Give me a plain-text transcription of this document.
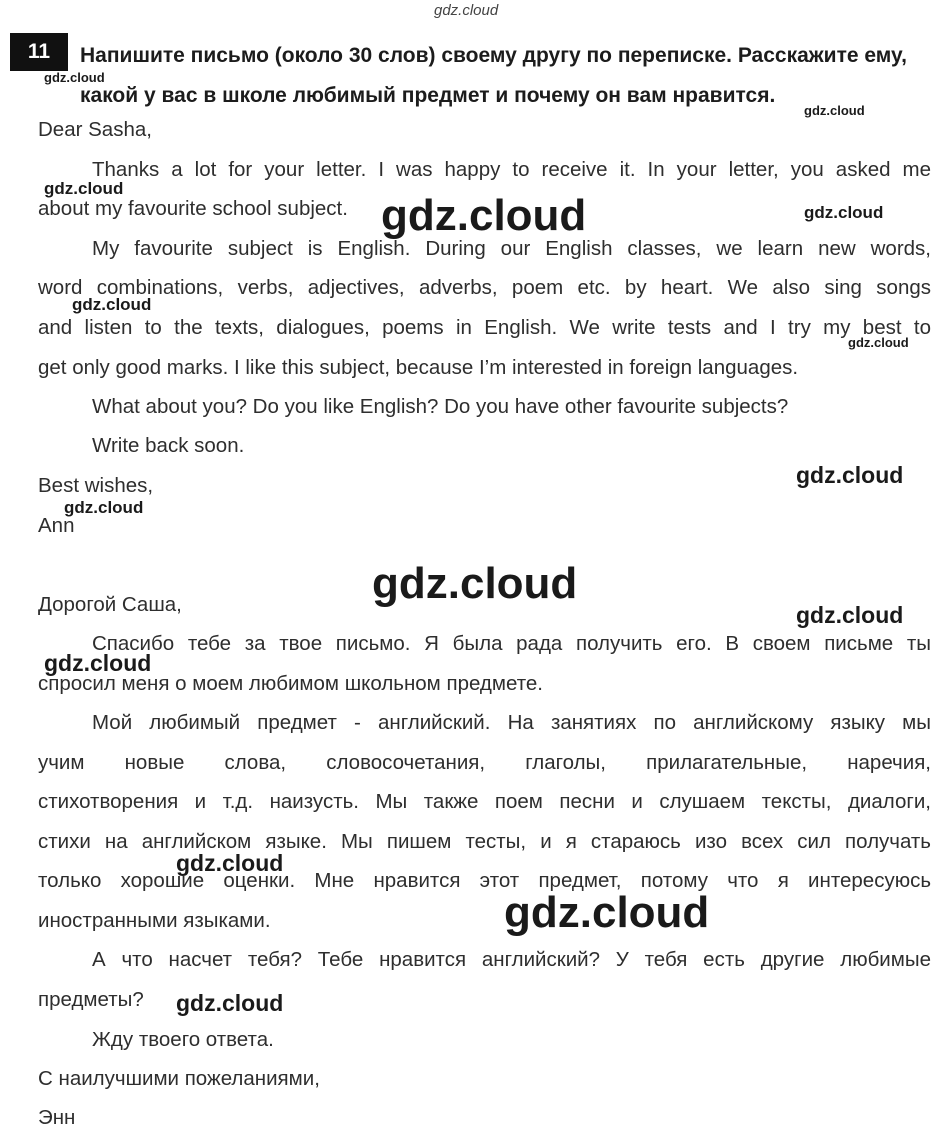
11	Напишите письмо (около 30 слов) своему другу по переписке. Расскажите ему, какой у вас в школе любимый предмет и почему он вам нравится.
Dear Sasha,
Thanks a lot for your letter. I was happy to receive it. In your letter, you asked me
about my favourite school subject.
My favourite subject is English. During our English classes, we learn new words,
word combinations, verbs, adjectives, adverbs, poem etc. by heart. We also sing songs
and listen to the texts, dialogues, poems in English. We write tests and I try my best to
get only good marks. I like this subject, because I’m interested in foreign languages.
What about you? Do you like English? Do you have other favourite subjects?
Write back soon.
Best wishes,
Ann
Дорогой Саша,
Спасибо тебе за твое письмо. Я была рада получить его. В своем письме ты
спросил меня о моем любимом школьном предмете.
Мой любимый предмет - английский. На занятиях по английскому языку мы
учим новые слова, словосочетания, глаголы, прилагательные, наречия,
стихотворения и т.д. наизусть. Мы также поем песни и слушаем тексты, диалоги,
стихи на английском языке. Мы пишем тесты, и я стараюсь изо всех сил получать
только хорошие оценки. Мне нравится этот предмет, потому что я интересуюсь
иностранными языками.
А что насчет тебя? Тебе нравится английский? У тебя есть другие любимые
предметы?
Жду твоего ответа.
С наилучшими пожеланиями,
Энн
gdz.cloud
gdz.cloud
gdz.cloud
gdz.cloud
gdz.cloud	gdz.cloud
gdz.cloud
gdz.cloud
gdz.cloud
gdz.cloud
gdz.cloud
gdz.cloud
gdz.cloud
gdz.cloud
gdz.cloud
gdz.cloud
